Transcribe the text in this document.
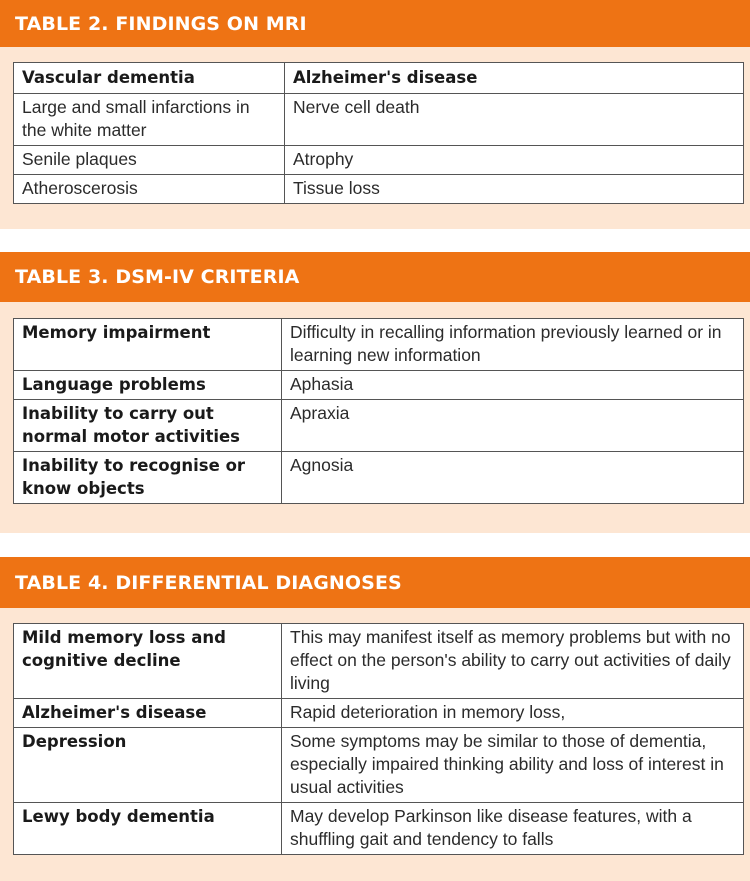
TABLE 2. FINDINGS ON MRI
Vascular dementia	Alzheimer's disease
Large and small infarctions in the white matter	Nerve cell death
Senile plaques	Atrophy
Atheroscerosis	Tissue loss
TABLE 3. DSM-IV CRITERIA
Memory impairment	Difficulty in recalling information previously learned or in learning new information
Language problems	Aphasia
Inability to carry out normal motor activities	Apraxia
Inability to recognise or know objects	Agnosia
TABLE 4. DIFFERENTIAL DIAGNOSES
Mild memory loss and cognitive decline	This may manifest itself as memory problems but with no effect on the person's ability to carry out activities of daily living
Alzheimer's disease	Rapid deterioration in memory loss,
Depression	Some symptoms may be similar to those of dementia, especially impaired thinking ability and loss of interest in usual activities
Lewy body dementia	May develop Parkinson like disease features, with a shuffling gait and tendency to falls
